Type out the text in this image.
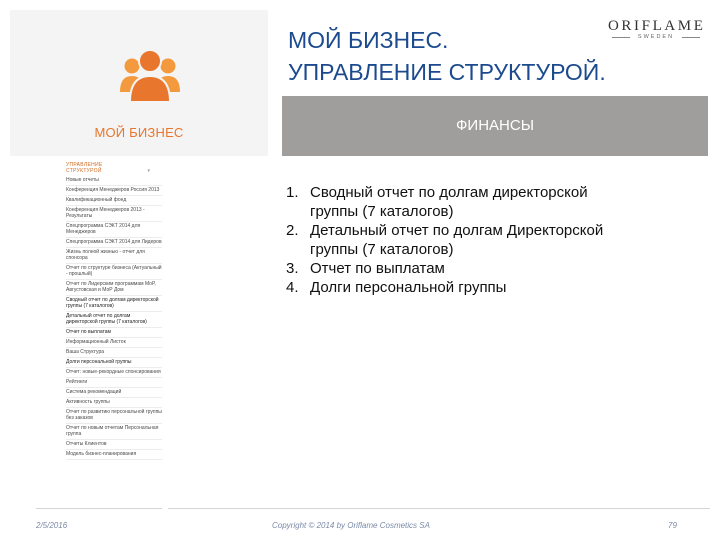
МОЙ БИЗНЕС
МОЙ БИЗНЕС.
УПРАВЛЕНИЕ СТРУКТУРОЙ.
ORIFLAME
SWEDEN
ФИНАНСЫ
УПРАВЛЕНИЕ СТРУКТУРОЙ ▾
Новые отчеты
Конференция Менеджеров Россия 2013
Квалификационный фонд
Конференция Менеджеров 2013 - Результаты
Спецпрограмма СЭКТ 2014 для Менеджеров
Спецпрограмма СЭКТ 2014 для Лидеров
Жизнь полной жизнью - отчет для спонсора
Отчет по структуре бизнеса (Актуальный - прошлый)
Отчет по Лидерским программам МоР, Августовская и МоР Дом
Сводный отчет по долгам директорской группы (7 каталогов)
Детальный отчет по долгам директорской группы (7 каталогов)
Отчет по выплатам
Информационный Листок
Ваша Структура
Долги персональной группы
Отчет: новые-рекордные спонсирования
Рейтинги
Система рекомендаций
Активность группы
Отчет по развитию персональной группы без заказов
Отчет по новым отчетам Персональная группа
Отчеты Клиентов
Модель бизнес-планирования
1. Сводный отчет по долгам директорской
группы (7 каталогов)
2. Детальный отчет по долгам Директорской
группы (7 каталогов)
3. Отчет по выплатам
4. Долги персональной группы
2/5/2016	Copyright © 2014 by Oriflame Cosmetics SA	79
